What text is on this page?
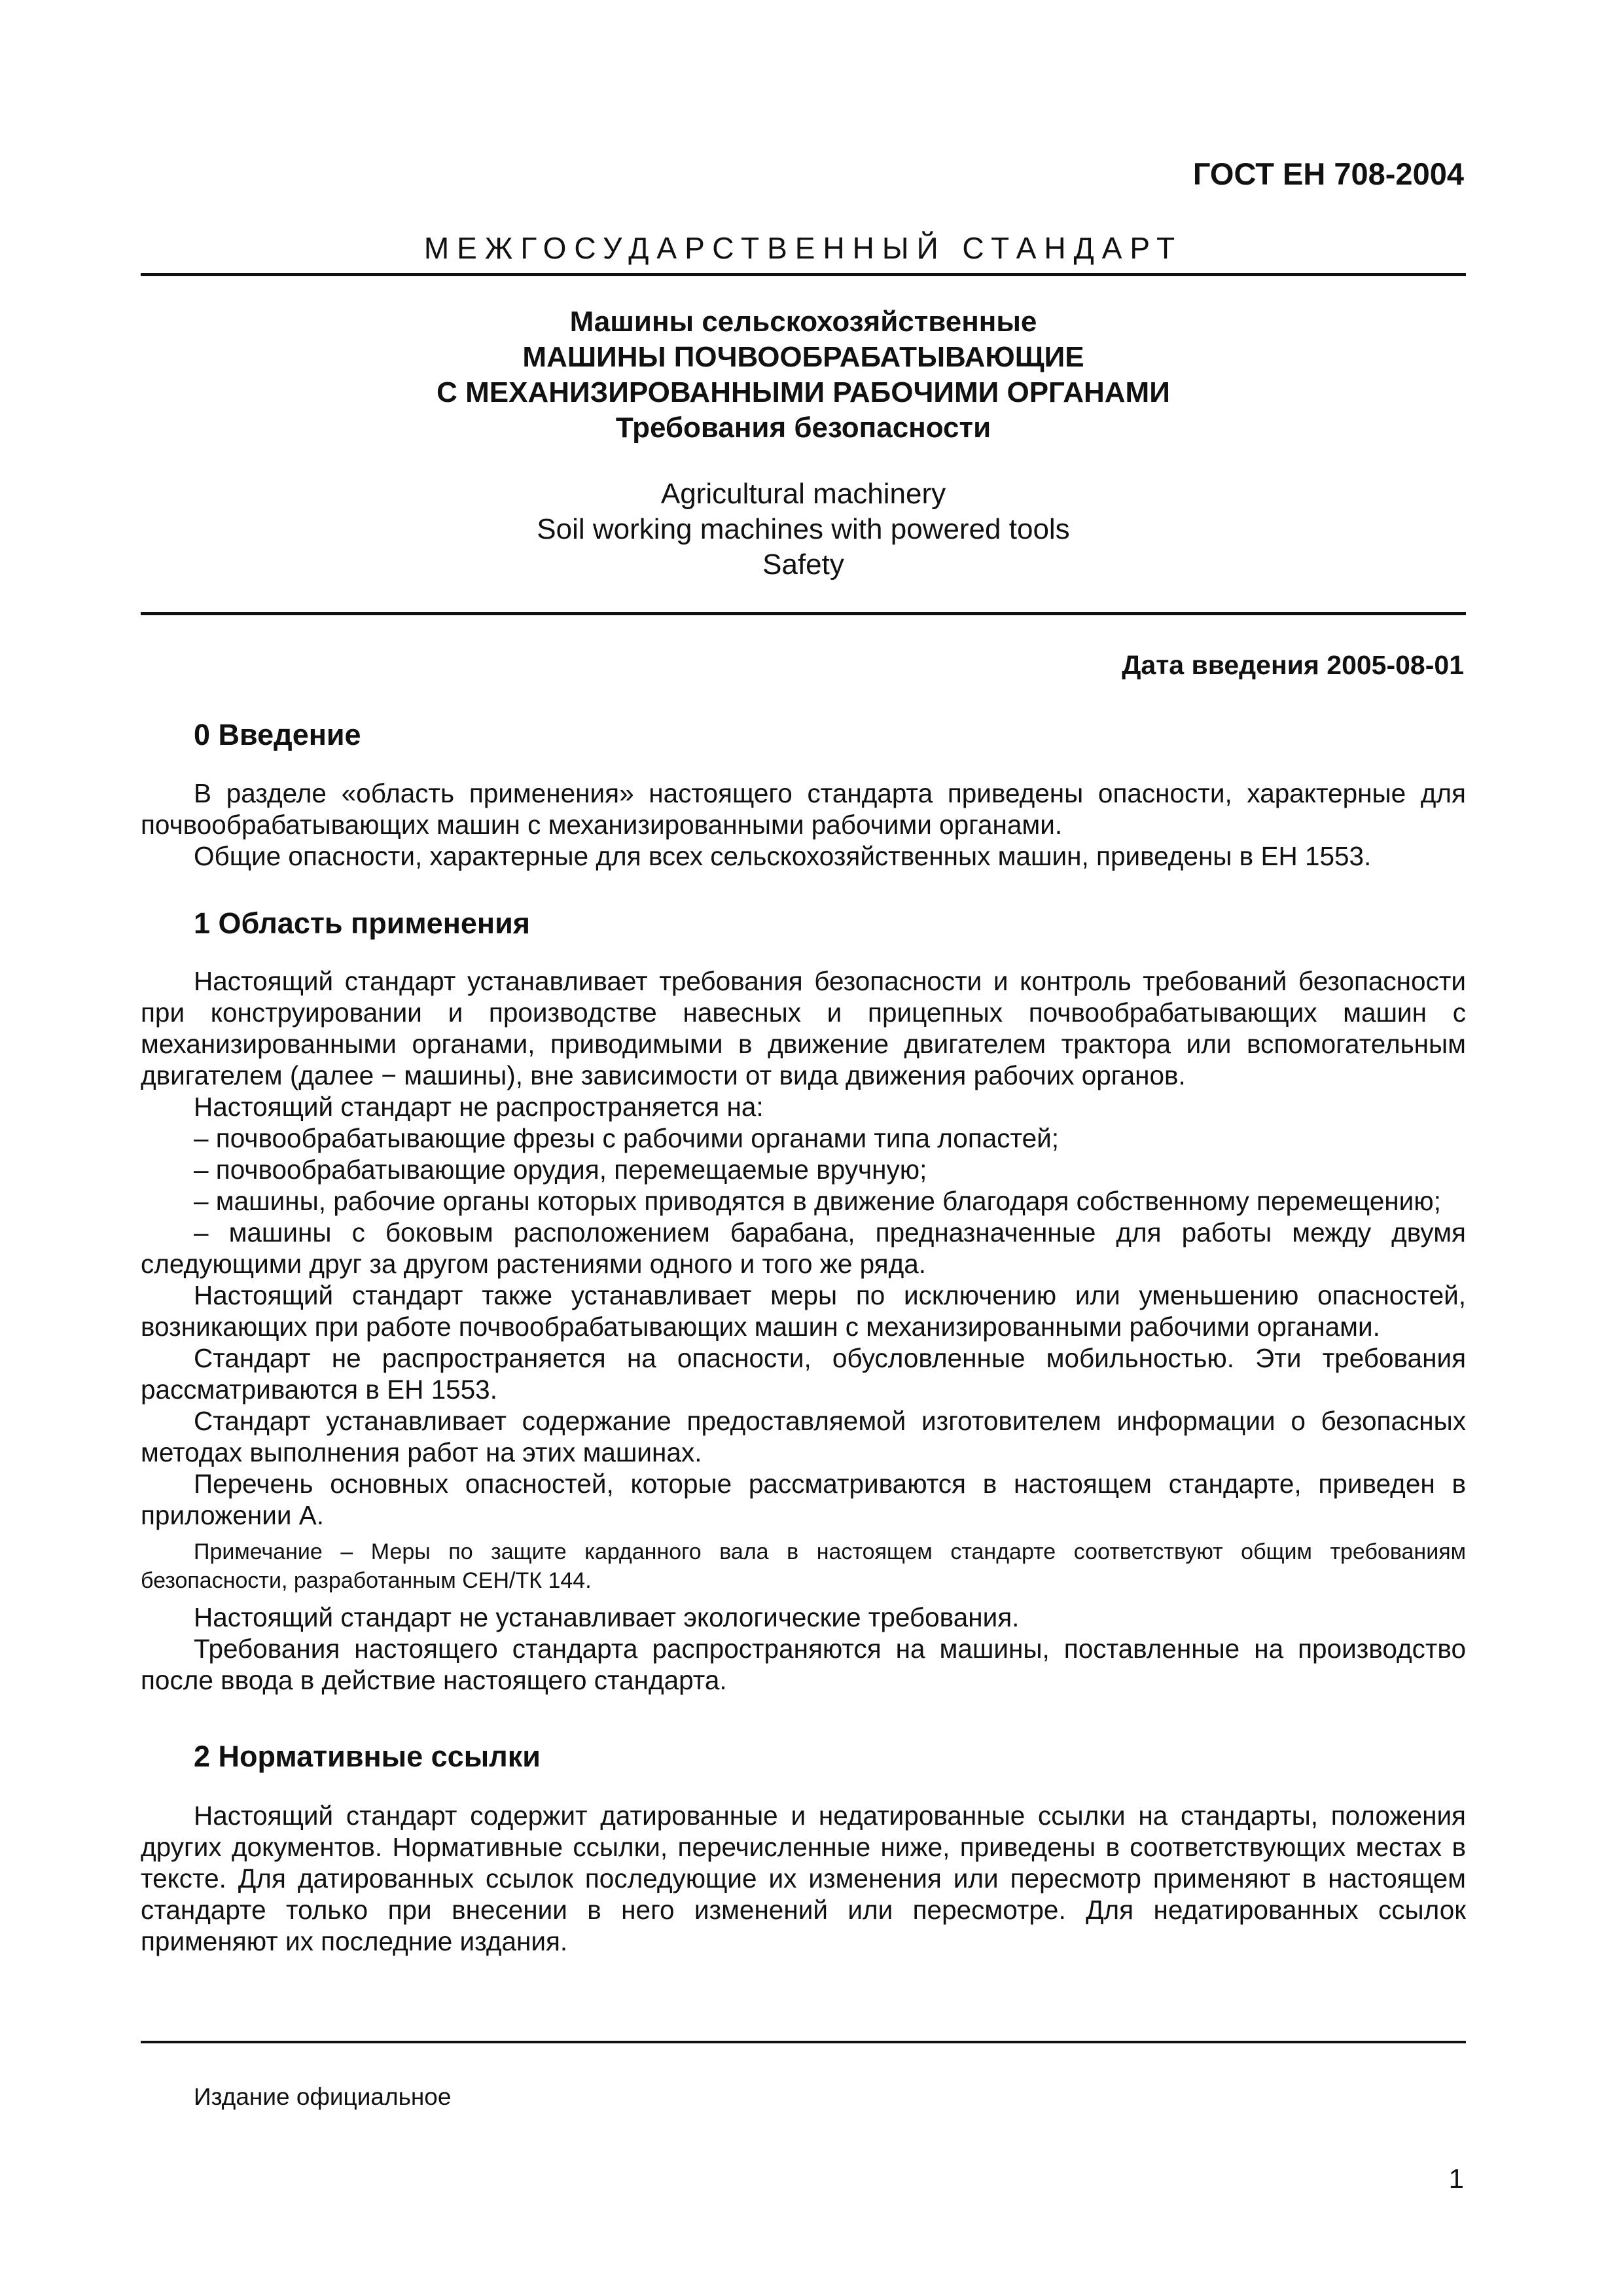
ГОСТ ЕН 708-2004
МЕЖГОСУДАРСТВЕННЫЙ СТАНДАРТ
Машины сельскохозяйственные
МАШИНЫ ПОЧВООБРАБАТЫВАЮЩИЕ
С МЕХАНИЗИРОВАННЫМИ РАБОЧИМИ ОРГАНАМИ
Требования безопасности
Agricultural machinery
Soil working machines with powered tools
Safety
Дата введения 2005-08-01
0 Введение

В разделе «область применения» настоящего стандарта приведены опасности, характерные для почвообрабатывающих машин с механизированными рабочими органами.

Общие опасности, характерные для всех сельскохозяйственных машин, приведены в ЕН 1553.

1 Область применения

Настоящий стандарт устанавливает требования безопасности и контроль требований безопасности при конструировании и производстве навесных и прицепных почвообрабатывающих машин с механизированными органами, приводимыми в движение двигателем трактора или вспомогательным двигателем (далее − машины), вне зависимости от вида движения рабочих органов.

Настоящий стандарт не распространяется на:

– почвообрабатывающие фрезы с рабочими органами типа лопастей;

– почвообрабатывающие орудия, перемещаемые вручную;

– машины, рабочие органы которых приводятся в движение благодаря собственному перемещению;

– машины с боковым расположением барабана, предназначенные для работы между двумя следующими друг за другом растениями одного и того же ряда.

Настоящий стандарт также устанавливает меры по исключению или уменьшению опасностей, возникающих при работе почвообрабатывающих машин с механизированными рабочими органами.

Стандарт не распространяется на опасности, обусловленные мобильностью. Эти требования рассматриваются в ЕН 1553.

Стандарт устанавливает содержание предоставляемой изготовителем информации о безопасных методах выполнения работ на этих машинах.

Перечень основных опасностей, которые рассматриваются в настоящем стандарте, приведен в приложении А.

Примечание – Меры по защите карданного вала в настоящем стандарте соответствуют общим требованиям безопасности, разработанным СЕН/ТК 144.

Настоящий стандарт не устанавливает экологические требования.

Требования настоящего стандарта распространяются на машины, поставленные на производство после ввода в действие настоящего стандарта.

2 Нормативные ссылки

Настоящий стандарт содержит датированные и недатированные ссылки на стандарты, положения других документов. Нормативные ссылки, перечисленные ниже, приведены в соответствующих местах в тексте. Для датированных ссылок последующие их изменения или пересмотр применяют в настоящем стандарте только при внесении в него изменений или пересмотре. Для недатированных ссылок применяют их последние издания.

Издание официальное
1
